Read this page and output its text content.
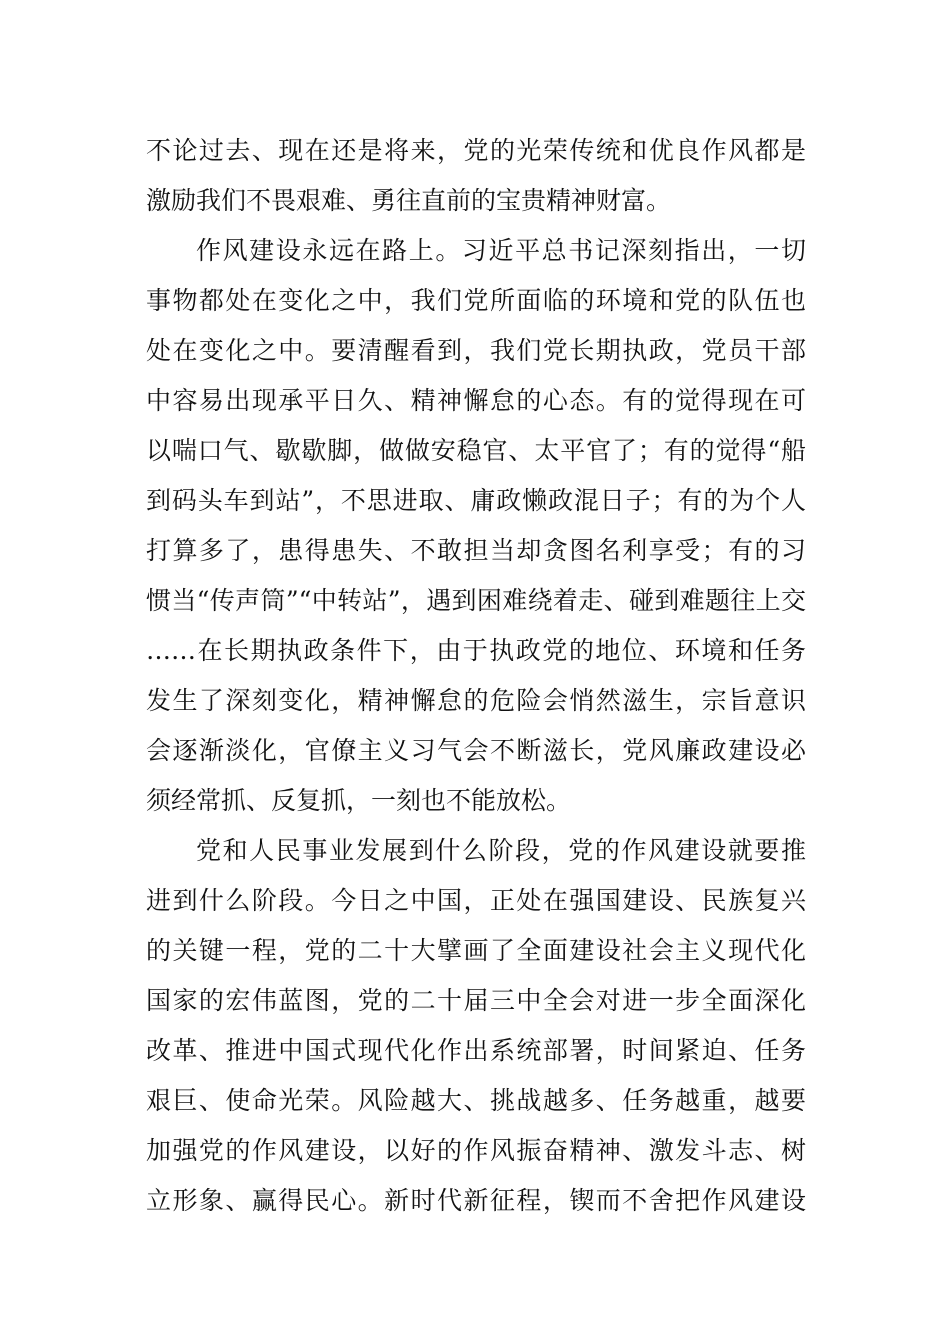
不论过去、现在还是将来，党的光荣传统和优良作风都是
激励我们不畏艰难、勇往直前的宝贵精神财富。
作风建设永远在路上。习近平总书记深刻指出，一切
事物都处在变化之中，我们党所面临的环境和党的队伍也
处在变化之中。要清醒看到，我们党长期执政，党员干部
中容易出现承平日久、精神懈怠的心态。有的觉得现在可
以喘口气、歇歇脚，做做安稳官、太平官了；有的觉得“船
到码头车到站”，不思进取、庸政懒政混日子；有的为个人
打算多了，患得患失、不敢担当却贪图名利享受；有的习
惯当“传声筒”“中转站”，遇到困难绕着走、碰到难题往上交
……在长期执政条件下，由于执政党的地位、环境和任务
发生了深刻变化，精神懈怠的危险会悄然滋生，宗旨意识
会逐渐淡化，官僚主义习气会不断滋长，党风廉政建设必
须经常抓、反复抓，一刻也不能放松。
党和人民事业发展到什么阶段，党的作风建设就要推
进到什么阶段。今日之中国，正处在强国建设、民族复兴
的关键一程，党的二十大擘画了全面建设社会主义现代化
国家的宏伟蓝图，党的二十届三中全会对进一步全面深化
改革、推进中国式现代化作出系统部署，时间紧迫、任务
艰巨、使命光荣。风险越大、挑战越多、任务越重，越要
加强党的作风建设，以好的作风振奋精神、激发斗志、树
立形象、赢得民心。新时代新征程，锲而不舍把作风建设
